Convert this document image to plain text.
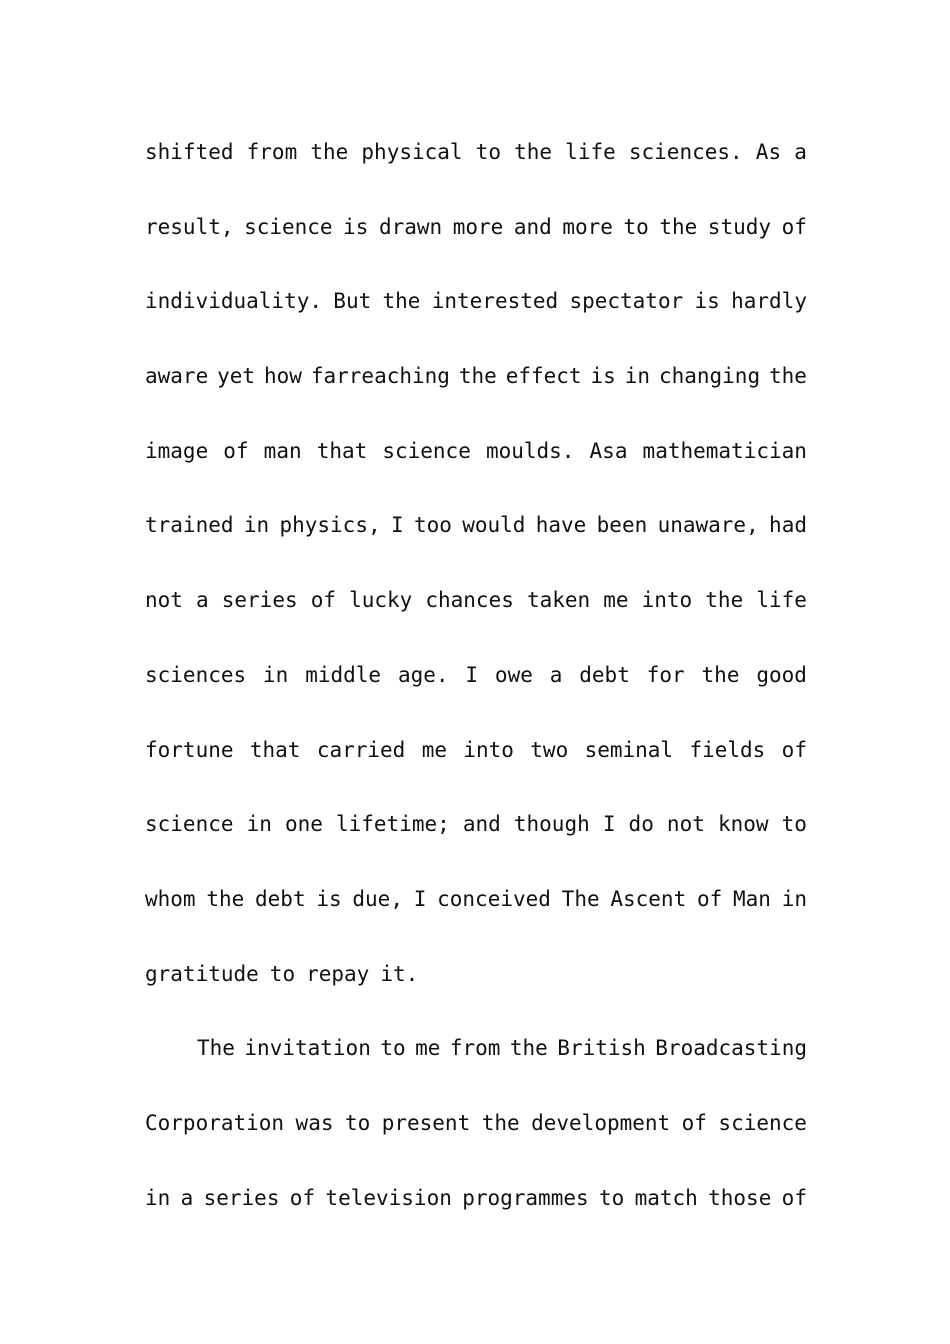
shifted from the physical to the life sciences. As a
result, science is drawn more and more to the study of
individuality. But the interested spectator is hardly
aware yet how farreaching the effect is in changing the
image of man that science moulds. Asa mathematician
trained in physics, I too would have been unaware, had
not a series of lucky chances taken me into the life
sciences in middle age. I owe a debt for the good
fortune that carried me into two seminal fields of
science in one lifetime; and though I do not know to
whom the debt is due, I conceived The Ascent of Man in
gratitude to repay it.
The invitation to me from the British Broadcasting
Corporation was to present the development of science
in a series of television programmes to match those of
